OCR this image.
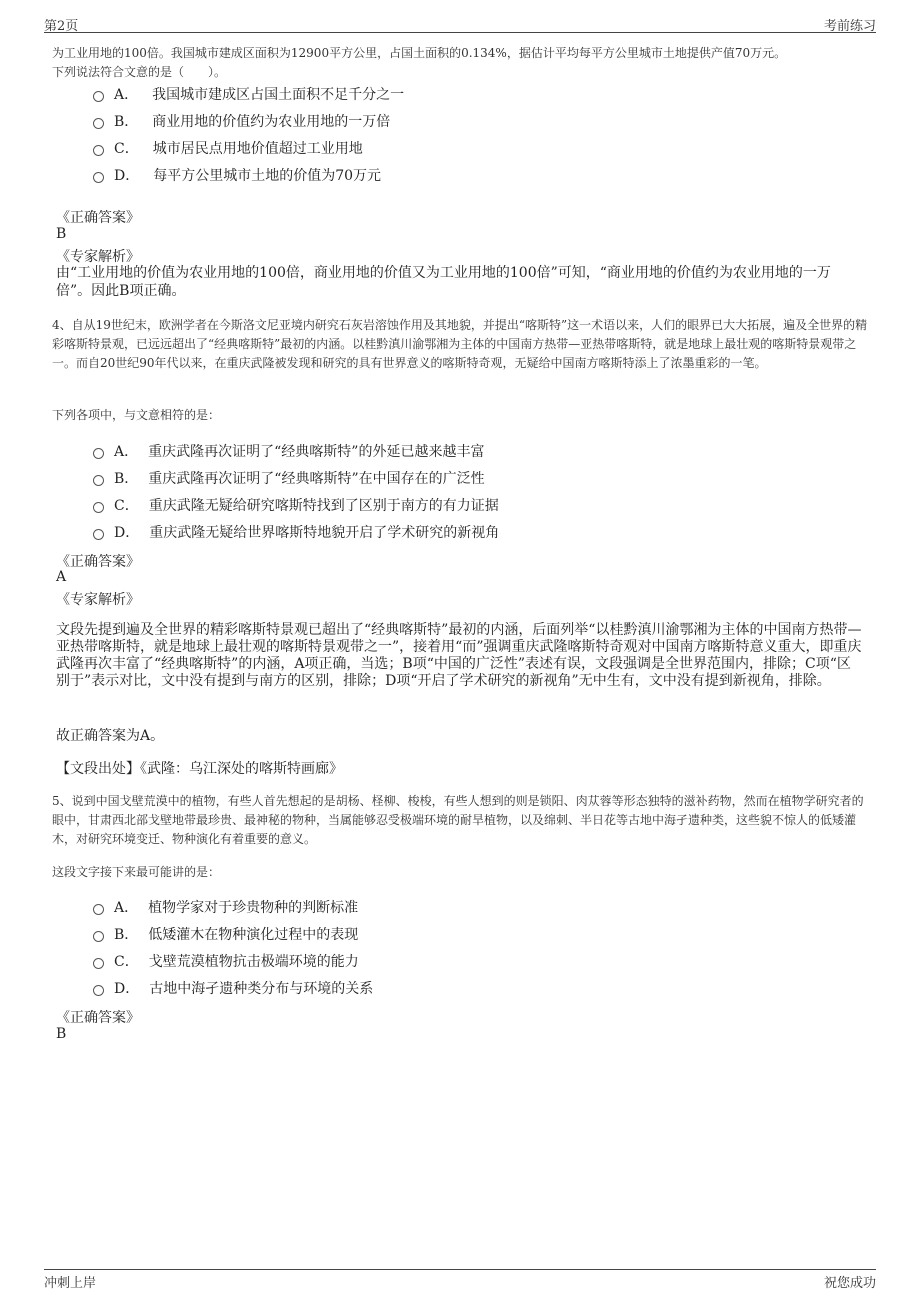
第2页	考前练习
为工业用地的100倍。我国城市建成区面积为12900平方公里，占国土面积的0.134%，据估计平均每平方公里城市土地提供产值70万元。
下列说法符合文意的是（　　）。
A． 我国城市建成区占国土面积不足千分之一
B． 商业用地的价值约为农业用地的一万倍
C． 城市居民点用地价值超过工业用地
D． 每平方公里城市土地的价值为70万元
《正确答案》
B
《专家解析》
由“工业用地的价值为农业用地的100倍，商业用地的价值又为工业用地的100倍”可知，“商业用地的价值约为农业用地的一万倍”。因此B项正确。
4、自从19世纪末，欧洲学者在今斯洛文尼亚境内研究石灰岩溶蚀作用及其地貌，并提出“喀斯特”这一术语以来，人们的眼界已大大拓展，遍及全世界的精彩喀斯特景观，已远远超出了“经典喀斯特”最初的内涵。以桂黔滇川渝鄂湘为主体的中国南方热带—亚热带喀斯特，就是地球上最壮观的喀斯特景观带之一。而自20世纪90年代以来，在重庆武隆被发现和研究的具有世界意义的喀斯特奇观，无疑给中国南方喀斯特添上了浓墨重彩的一笔。
下列各项中，与文意相符的是：
A． 重庆武隆再次证明了“经典喀斯特”的外延已越来越丰富
B． 重庆武隆再次证明了“经典喀斯特”在中国存在的广泛性
C． 重庆武隆无疑给研究喀斯特找到了区别于南方的有力证据
D． 重庆武隆无疑给世界喀斯特地貌开启了学术研究的新视角
《正确答案》
A
《专家解析》
文段先提到遍及全世界的精彩喀斯特景观已超出了“经典喀斯特”最初的内涵，后面列举“以桂黔滇川渝鄂湘为主体的中国南方热带—亚热带喀斯特，就是地球上最壮观的喀斯特景观带之一”，接着用“而”强调重庆武隆喀斯特奇观对中国南方喀斯特意义重大，即重庆武隆再次丰富了“经典喀斯特”的内涵，A项正确，当选；B项“中国的广泛性”表述有误，文段强调是全世界范围内，排除；C项“区别于”表示对比，文中没有提到与南方的区别，排除；D项“开启了学术研究的新视角”无中生有，文中没有提到新视角，排除。
故正确答案为A。
【文段出处】《武隆：乌江深处的喀斯特画廊》
5、说到中国戈壁荒漠中的植物，有些人首先想起的是胡杨、柽柳、梭梭，有些人想到的则是锁阳、肉苁蓉等形态独特的滋补药物，然而在植物学研究者的眼中，甘肃西北部戈壁地带最珍贵、最神秘的物种，当属能够忍受极端环境的耐旱植物，以及绵刺、半日花等古地中海孑遗种类，这些貌不惊人的低矮灌木，对研究环境变迁、物种演化有着重要的意义。
这段文字接下来最可能讲的是：
A． 植物学家对于珍贵物种的判断标准
B． 低矮灌木在物种演化过程中的表现
C． 戈壁荒漠植物抗击极端环境的能力
D． 古地中海孑遗种类分布与环境的关系
《正确答案》
B
冲刺上岸	祝您成功
